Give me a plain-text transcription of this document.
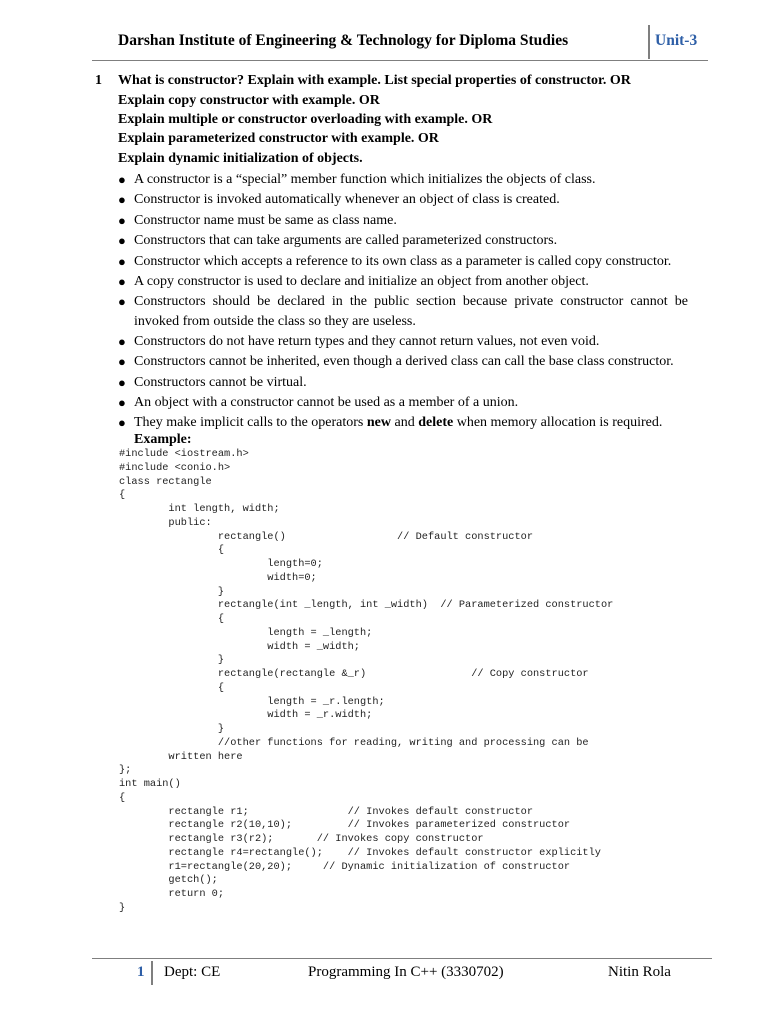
Darshan Institute of Engineering & Technology for Diploma Studies	Unit-3
1 What is constructor? Explain with example. List special properties of constructor. OR
Explain copy constructor with example. OR
Explain multiple or constructor overloading with example. OR
Explain parameterized constructor with example. OR
Explain dynamic initialization of objects.
● A constructor is a “special” member function which initializes the objects of class.
● Constructor is invoked automatically whenever an object of class is created.
● Constructor name must be same as class name.
● Constructors that can take arguments are called parameterized constructors.
● Constructor which accepts a reference to its own class as a parameter is called copy constructor.
● A copy constructor is used to declare and initialize an object from another object.
● Constructors should be declared in the public section because private constructor cannot be invoked from outside the class so they are useless.
● Constructors do not have return types and they cannot return values, not even void.
● Constructors cannot be inherited, even though a derived class can call the base class constructor.
● Constructors cannot be virtual.
● An object with a constructor cannot be used as a member of a union.
● They make implicit calls to the operators new and delete when memory allocation is required.
Example:
#include <iostream.h>
#include <conio.h>
class rectangle
{
int length, width;
public:
rectangle()                  // Default constructor
{
length=0;
width=0;
}
rectangle(int _length, int _width)  // Parameterized constructor
{
length = _length;
width = _width;
}
rectangle(rectangle &_r)                 // Copy constructor
{
length = _r.length;
width = _r.width;
}
//other functions for reading, writing and processing can be
written here
};
int main()
{
rectangle r1;                // Invokes default constructor
rectangle r2(10,10);         // Invokes parameterized constructor
rectangle r3(r2);       // Invokes copy constructor
rectangle r4=rectangle();    // Invokes default constructor explicitly
r1=rectangle(20,20);     // Dynamic initialization of constructor
getch();
return 0;
}
1 Dept: CE	Programming In C++ (3330702)	Nitin Rola
